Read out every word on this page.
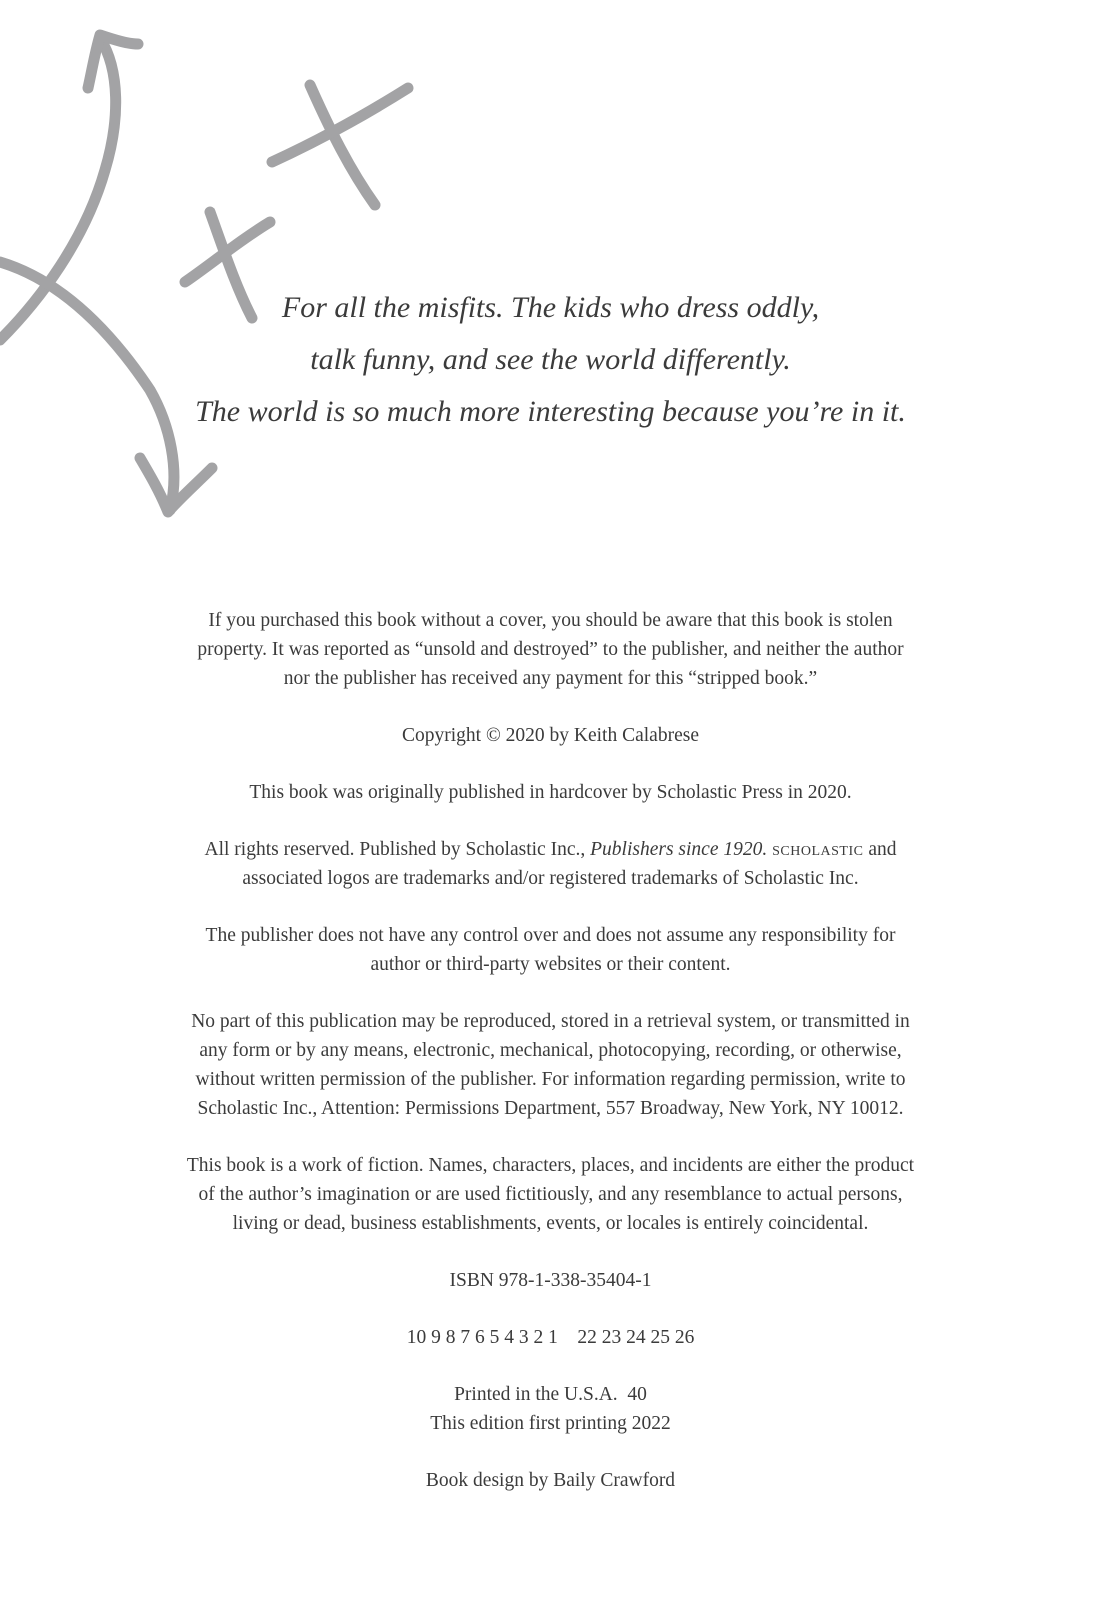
For all the misfits. The kids who dress oddly,
talk funny, and see the world differently.
The world is so much more interesting because you’re in it.
If you purchased this book without a cover, you should be aware that this book is stolen
property. It was reported as “unsold and destroyed” to the publisher, and neither the author
nor the publisher has received any payment for this “stripped book.”
Copyright © 2020 by Keith Calabrese
This book was originally published in hardcover by Scholastic Press in 2020.
All rights reserved. Published by Scholastic Inc., Publishers since 1920. scholastic and
associated logos are trademarks and/or registered trademarks of Scholastic Inc.
The publisher does not have any control over and does not assume any responsibility for
author or third-party websites or their content.
No part of this publication may be reproduced, stored in a retrieval system, or transmitted in
any form or by any means, electronic, mechanical, photocopying, recording, or otherwise,
without written permission of the publisher. For information regarding permission, write to
Scholastic Inc., Attention: Permissions Department, 557 Broadway, New York, NY 10012.
This book is a work of fiction. Names, characters, places, and incidents are either the product
of the author’s imagination or are used fictitiously, and any resemblance to actual persons,
living or dead, business establishments, events, or locales is entirely coincidental.
ISBN 978-1-338-35404-1
10 9 8 7 6 5 4 3 2 1    22 23 24 25 26
Printed in the U.S.A.  40
This edition first printing 2022
Book design by Baily Crawford
